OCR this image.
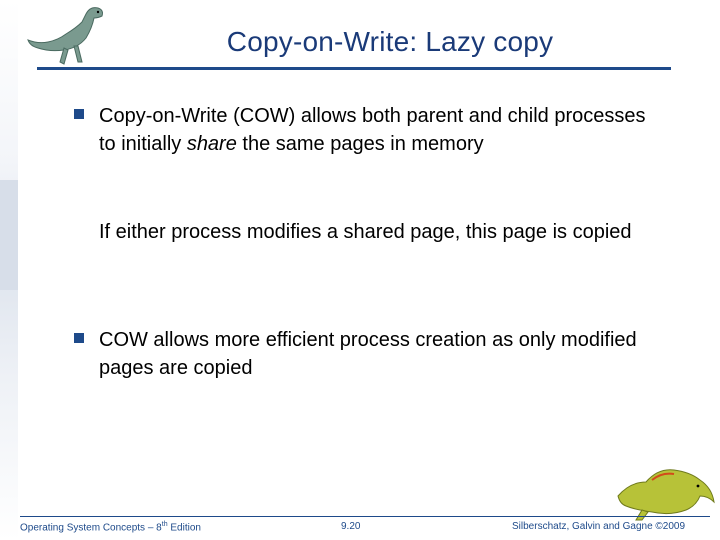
Copy-on-Write: Lazy copy
Copy-on-Write (COW) allows both parent and child processes to initially share the same pages in memory
If either process modifies a shared page, this page is copied
COW allows more efficient process creation as only modified pages are copied
Operating System Concepts – 8th Edition	9.20	Silberschatz, Galvin and Gagne ©2009
